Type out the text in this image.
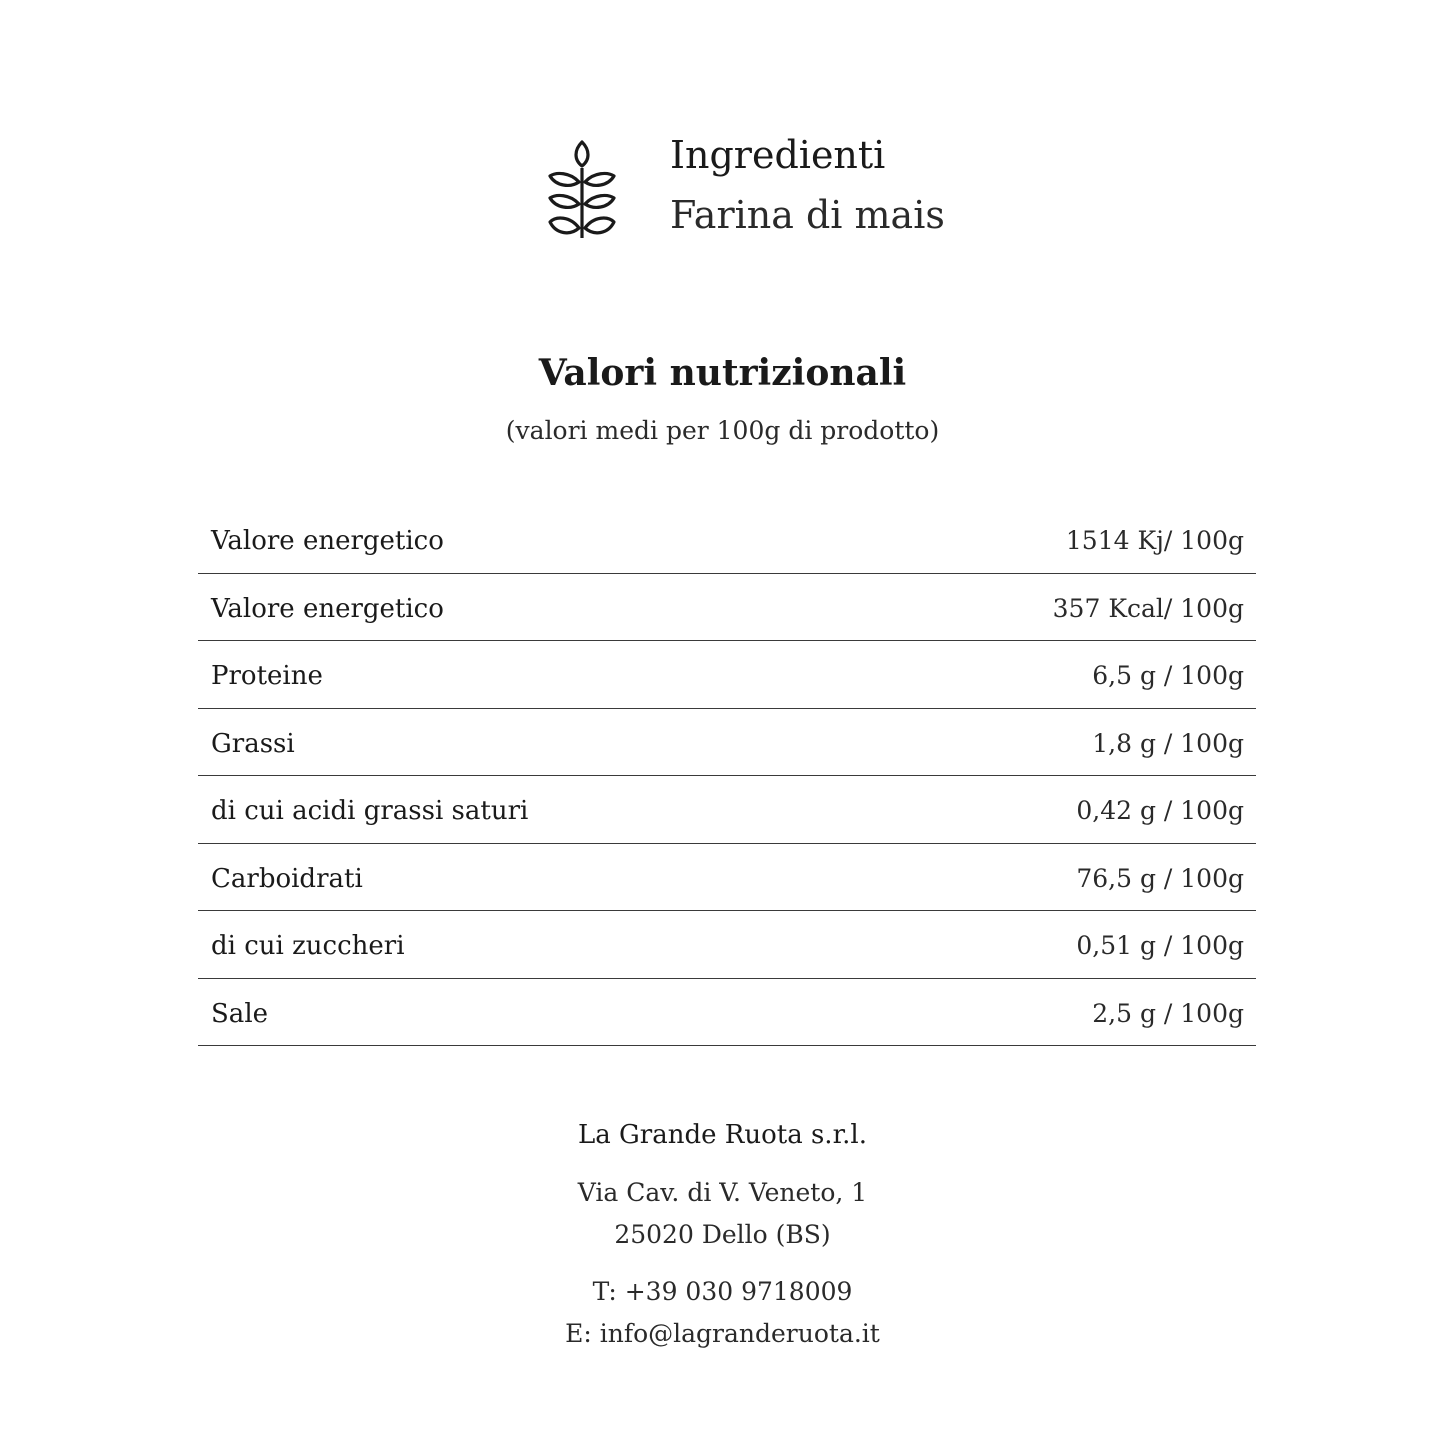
Ingredienti
Farina di mais
Valori nutrizionali
(valori medi per 100g di prodotto)
Valore energetico	1514 Kj/ 100g
Valore energetico	357 Kcal/ 100g
Proteine	6,5 g / 100g
Grassi	1,8 g / 100g
di cui acidi grassi saturi	0,42 g / 100g
Carboidrati	76,5 g / 100g
di cui zuccheri	0,51 g / 100g
Sale	2,5 g / 100g
La Grande Ruota s.r.l.
Via Cav. di V. Veneto, 1
25020 Dello (BS)
T: +39 030 9718009
E: info@lagranderuota.it
